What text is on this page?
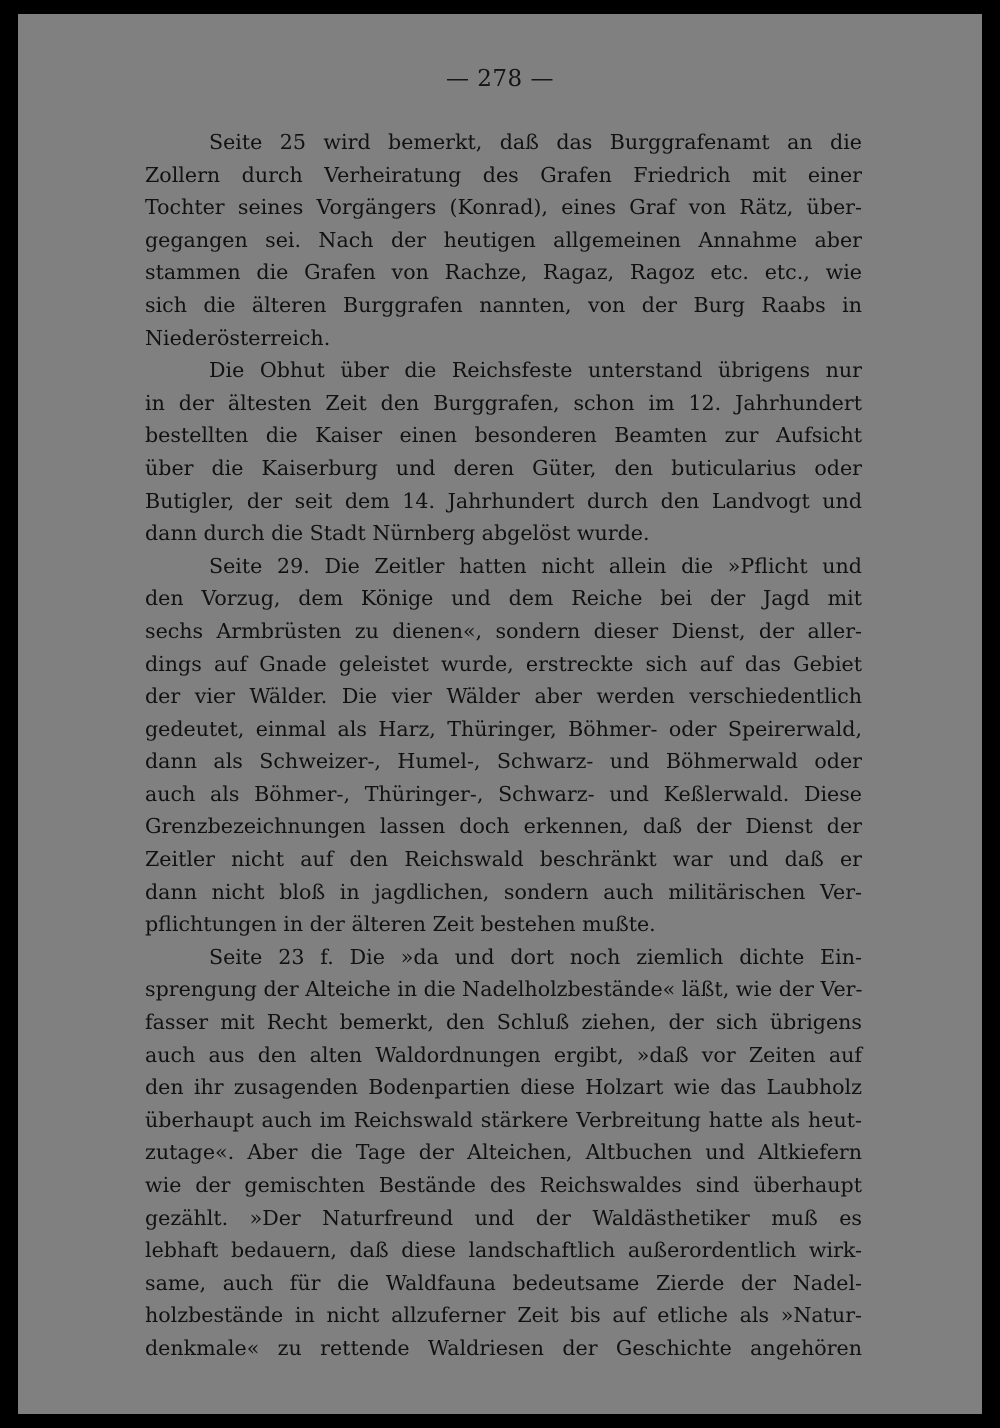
— 278 —
Seite 25 wird bemerkt, daß das Burggrafenamt an die
Zollern durch Verheiratung des Grafen Friedrich mit einer
Tochter seines Vorgängers (Konrad), eines Graf von Rätz, über-
gegangen sei. Nach der heutigen allgemeinen Annahme aber
stammen die Grafen von Rachze, Ragaz, Ragoz etc. etc., wie
sich die älteren Burggrafen nannten, von der Burg Raabs in
Niederösterreich.
Die Obhut über die Reichsfeste unterstand übrigens nur
in der ältesten Zeit den Burggrafen, schon im 12. Jahrhundert
bestellten die Kaiser einen besonderen Beamten zur Aufsicht
über die Kaiserburg und deren Güter, den buticularius oder
Butigler, der seit dem 14. Jahrhundert durch den Landvogt und
dann durch die Stadt Nürnberg abgelöst wurde.
Seite 29. Die Zeitler hatten nicht allein die »Pflicht und
den Vorzug, dem Könige und dem Reiche bei der Jagd mit
sechs Armbrüsten zu dienen«, sondern dieser Dienst, der aller-
dings auf Gnade geleistet wurde, erstreckte sich auf das Gebiet
der vier Wälder. Die vier Wälder aber werden verschiedentlich
gedeutet, einmal als Harz, Thüringer, Böhmer- oder Speirerwald,
dann als Schweizer-, Humel-, Schwarz- und Böhmerwald oder
auch als Böhmer-, Thüringer-, Schwarz- und Keßlerwald. Diese
Grenzbezeichnungen lassen doch erkennen, daß der Dienst der
Zeitler nicht auf den Reichswald beschränkt war und daß er
dann nicht bloß in jagdlichen, sondern auch militärischen Ver-
pflichtungen in der älteren Zeit bestehen mußte.
Seite 23 f. Die »da und dort noch ziemlich dichte Ein-
sprengung der Alteiche in die Nadelholzbestände« läßt, wie der Ver-
fasser mit Recht bemerkt, den Schluß ziehen, der sich übrigens
auch aus den alten Waldordnungen ergibt, »daß vor Zeiten auf
den ihr zusagenden Bodenpartien diese Holzart wie das Laubholz
überhaupt auch im Reichswald stärkere Verbreitung hatte als heut-
zutage«. Aber die Tage der Alteichen, Altbuchen und Altkiefern
wie der gemischten Bestände des Reichswaldes sind überhaupt
gezählt. »Der Naturfreund und der Waldästhetiker muß es
lebhaft bedauern, daß diese landschaftlich außerordentlich wirk-
same, auch für die Waldfauna bedeutsame Zierde der Nadel-
holzbestände in nicht allzuferner Zeit bis auf etliche als »Natur-
denkmale« zu rettende Waldriesen der Geschichte angehören
